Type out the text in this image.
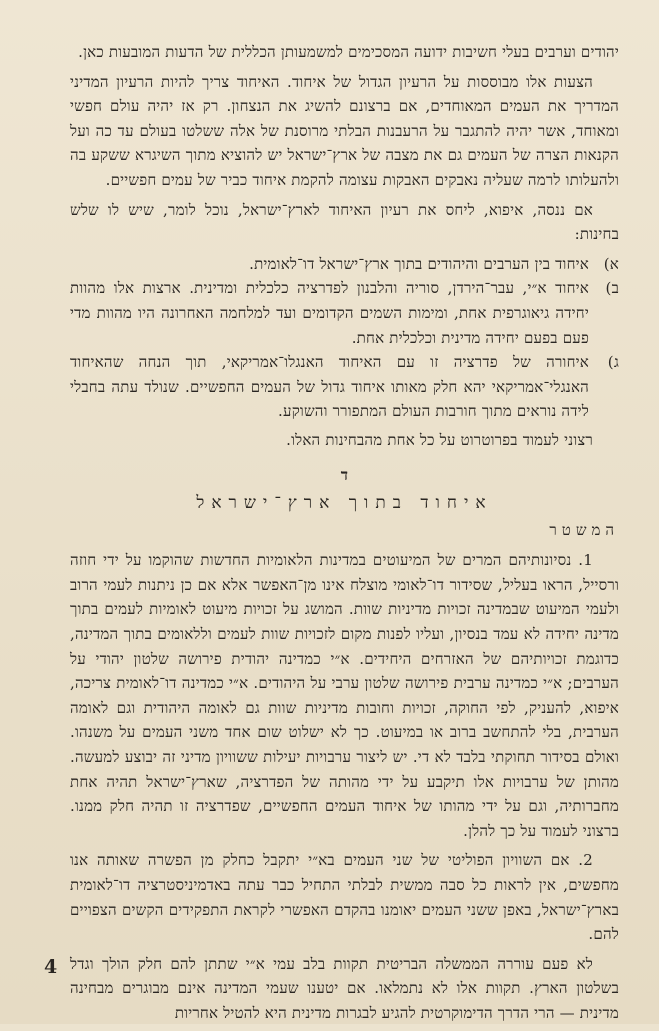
יהודים וערבים בעלי חשיבות ידועה המסכימים למשמעותן הכללית של הדעות המובעות כאן.

הצעות אלו מבוססות על הרעיון הגדול של איחוד. האיחוד צריך להיות הרעיון המדיני המדריך את העמים המאוחדים, אם ברצונם להשיג את הנצחון. רק אז יהיה עולם חפשי ומאוחד, אשר יהיה להתגבר על הרעבנות הבלתי מרוסנת של אלה ששלטו בעולם עד כה ועל הקנאות הצרה של העמים גם את מצבה של ארץ־ישראל יש להוציא מתוך השיגרא ששקע בה ולהעלותו לרמה שעליה נאבקים האבקות עצומה להקמת איחוד כביר של עמים חפשיים.

אם ננסה, איפוא, ליחס את רעיון האיחוד לארץ־ישראל, נוכל לומר, שיש לו שלש בחינות:

א)
איחוד בין הערבים והיהודים בתוך ארץ־ישראל דו־לאומית.
ב)
איחוד א״י, עבר־הירדן, סוריה והלבנון לפדרציה כלכלית ומדינית. ארצות אלו מהוות יחידה גיאוגרפית אחת, ומימות השמים הקדומים ועד למלחמה האחרונה היו מהוות מדי פעם בפעם יחידה מדינית וכלכלית אחת.
ג)
איחורה של פדרציה זו עם האיחוד האנגלו־אמריקאי, תוך הנחה שהאיחוד האנגלי־אמריקאי יהא חלק מאותו איחוד גדול של העמים החפשיים. שנולד עתה בחבלי לידה נוראים מתוך חורבות העולם המתפורר והשוקע.

רצוני לעמוד בפרוטרוט על כל אחת מהבחינות האלו.

ד
איחוד בתוך ארץ־ישראל
המשטר

1. נסיונותיהם המרים של המיעוטים במדינות הלאומיות החדשות שהוקמו על ידי חוזה ורסייל, הראו בעליל, שסידור דו־לאומי מוצלח אינו מן־האפשר אלא אם כן ניתנות לעמי הרוב ולעמי המיעוט שבמדינה זכויות מדיניות שוות. המושג על זכויות מיעוט לאומיות לעמים בתוך מדינה יחידה לא עמד בנסיון, ועליו לפנות מקום לזכויות שוות לעמים וללאומים בתוך המדינה, כדוגמת זכויותיהם של האזרחים היחידים. א״י כמדינה יהודית פירושה שלטון יהודי על הערבים; א״י כמדינה ערבית פירושה שלטון ערבי על היהודים. א״י כמדינה דו־לאומית צריכה, איפוא, להעניק, לפי החוקה, זכויות וחובות מדיניות שוות גם לאומה היהודית וגם לאומה הערבית, בלי להתחשב ברוב או במיעוט. כך לא ישלוט שום אחד משני העמים על משנהו. ואולם בסידור תחוקתי בלבד לא די. יש ליצור ערבויות יעילות ששוויון מדיני זה יבוצע למעשה. מהותן של ערבויות אלו תיקבע על ידי מהותה של הפדרציה, שארץ־ישראל תהיה אחת מחברותיה, וגם על ידי מהותו של איחוד העמים החפשיים, שפדרציה זו תהיה חלק ממנו. ברצוני לעמוד על כך להלן.

2. אם השוויון הפוליטי של שני העמים בא״י יתקבל כחלק מן הפשרה שאותה אנו מחפשים, אין לראות כל סבה ממשית לבלתי התחיל כבר עתה באדמיניסטרציה דו־לאומית בארץ־ישראל, באפן ששני העמים יאומנו בהקדם האפשרי לקראת התפקידים הקשים הצפויים להם.

לא פעם עוררה הממשלה הבריטית תקוות בלב עמי א״י שתתן להם חלק הולך וגדל בשלטון הארץ. תקוות אלו לא נתמלאו. אם יטענו שעמי המדינה אינם מבוגרים מבחינה מדינית — הרי הדרך הדימוקרטית להגיע לבגרות מדינית היא להטיל אחריות

4
